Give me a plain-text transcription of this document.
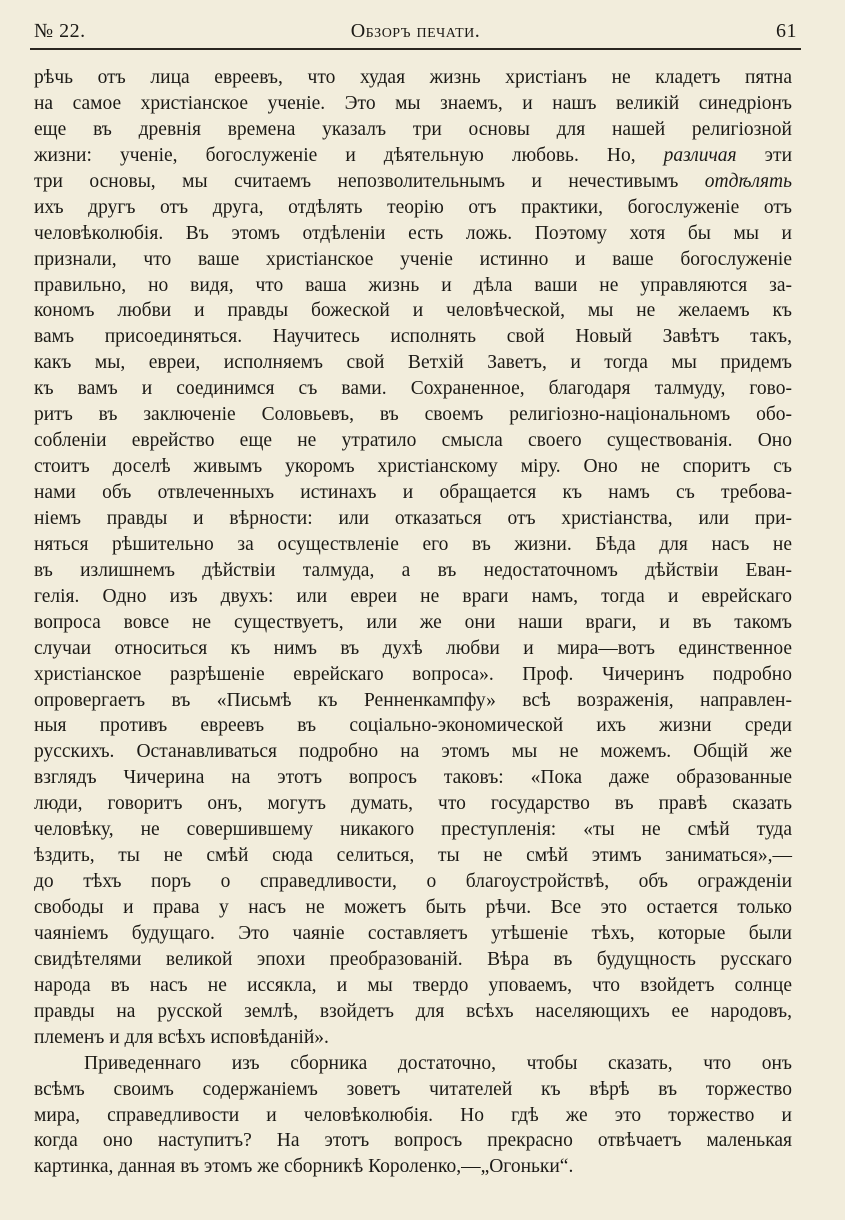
Обзоръ печати.
№ 22.	61
рѣчь отъ лица евреевъ, что худая жизнь христіанъ не кладетъ пятна
на самое христіанское ученіе. Это мы знаемъ, и нашъ великій синедріонъ
еще въ древнія времена указалъ три основы для нашей религіозной
жизни: ученіе, богослуженіе и дѣятельную любовь. Но, различая эти
три основы, мы считаемъ непозволительнымъ и нечестивымъ отдѣлять
ихъ другъ отъ друга, отдѣлять теорію отъ практики, богослуженіе отъ
человѣколюбія. Въ этомъ отдѣленіи есть ложь. Поэтому хотя бы мы и
признали, что ваше христіанское ученіе истинно и ваше богослуженіе
правильно, но видя, что ваша жизнь и дѣла ваши не управляются за-
кономъ любви и правды божеской и человѣческой, мы не желаемъ къ
вамъ присоединяться. Научитесь исполнять свой Новый Завѣтъ такъ,
какъ мы, евреи, исполняемъ свой Ветхій Заветъ, и тогда мы придемъ
къ вамъ и соединимся съ вами. Сохраненное, благодаря талмуду, гово-
ритъ въ заключеніе Соловьевъ, въ своемъ религіозно-національномъ обо-
собленіи еврейство еще не утратило смысла своего существованія. Оно
стоитъ доселѣ живымъ укоромъ христіанскому міру. Оно не споритъ съ
нами объ отвлеченныхъ истинахъ и обращается къ намъ съ требова-
ніемъ правды и вѣрности: или отказаться отъ христіанства, или при-
няться рѣшительно за осуществленіе его въ жизни. Бѣда для насъ не
въ излишнемъ дѣйствіи талмуда, а въ недостаточномъ дѣйствіи Еван-
гелія. Одно изъ двухъ: или евреи не враги намъ, тогда и еврейскаго
вопроса вовсе не существуетъ, или же они наши враги, и въ такомъ
случаи относиться къ нимъ въ духѣ любви и мира—вотъ единственное
христіанское разрѣшеніе еврейскаго вопроса». Проф. Чичеринъ подробно
опровергаетъ въ «Письмѣ къ Ренненкампфу» всѣ возраженія, направлен-
ныя противъ евреевъ въ соціально-экономической ихъ жизни среди
русскихъ. Останавливаться подробно на этомъ мы не можемъ. Общій же
взглядъ Чичерина на этотъ вопросъ таковъ: «Пока даже образованные
люди, говоритъ онъ, могутъ думать, что государство въ правѣ сказать
человѣку, не совершившему никакого преступленія: «ты не смѣй туда
ѣздить, ты не смѣй сюда селиться, ты не смѣй этимъ заниматься»,—
до тѣхъ поръ о справедливости, о благоустройствѣ, объ огражденіи
свободы и права у насъ не можетъ быть рѣчи. Все это остается только
чаяніемъ будущаго. Это чаяніе составляетъ утѣшеніе тѣхъ, которые были
свидѣтелями великой эпохи преобразованій. Вѣра въ будущность русскаго
народа въ насъ не иссякла, и мы твердо уповаемъ, что взойдетъ солнце
правды на русской землѣ, взойдетъ для всѣхъ населяющихъ ее народовъ,
племенъ и для всѣхъ исповѣданій».
Приведеннаго изъ сборника достаточно, чтобы сказать, что онъ
всѣмъ своимъ содержаніемъ зоветъ читателей къ вѣрѣ въ торжество
мира, справедливости и человѣколюбія. Но гдѣ же это торжество и
когда оно наступитъ? На этотъ вопросъ прекрасно отвѣчаетъ маленькая
картинка, данная въ этомъ же сборникѣ Короленко,—„Огоньки“.
